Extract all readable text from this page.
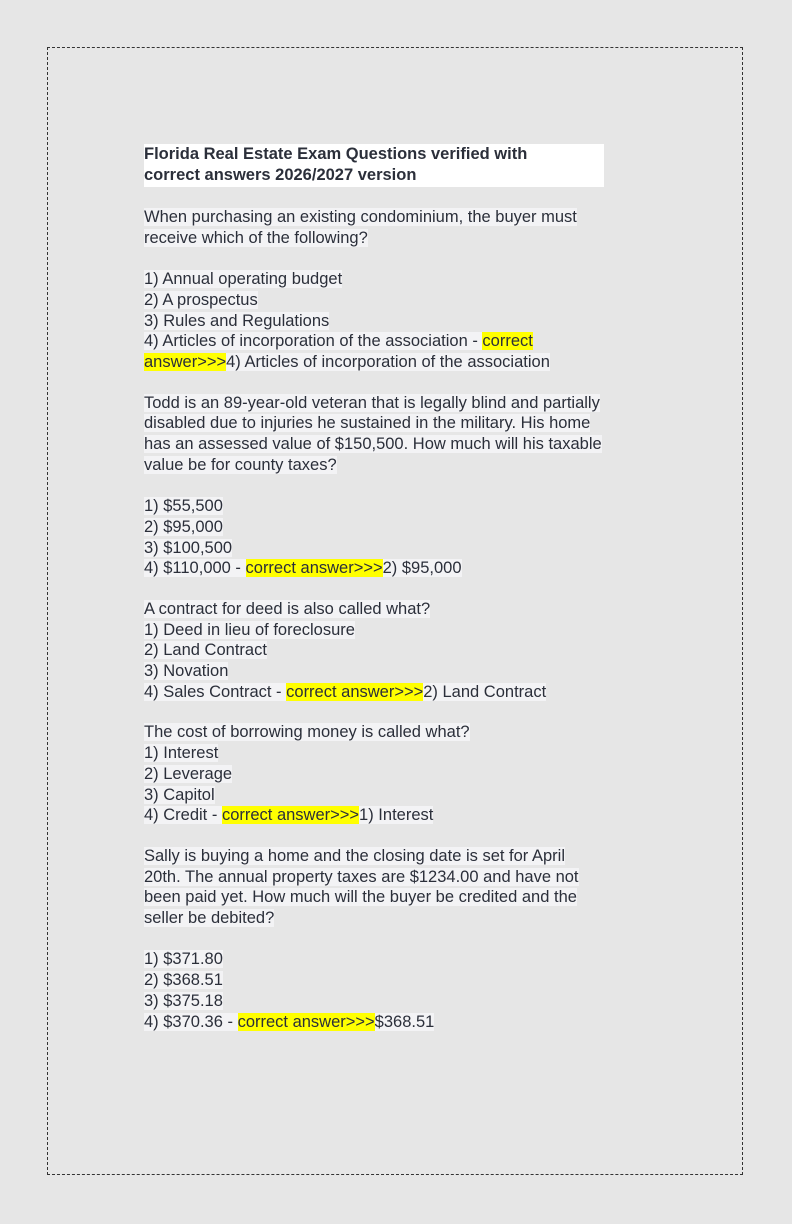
Florida Real Estate Exam Questions verified with
correct answers 2026/2027 version
When purchasing an existing condominium, the buyer must
receive which of the following?
1) Annual operating budget
2) A prospectus
3) Rules and Regulations
4) Articles of incorporation of the association - correct
answer>>>4) Articles of incorporation of the association
Todd is an 89-year-old veteran that is legally blind and partially
disabled due to injuries he sustained in the military. His home
has an assessed value of $150,500. How much will his taxable
value be for county taxes?
1) $55,500
2) $95,000
3) $100,500
4) $110,000 - correct answer>>>2) $95,000
A contract for deed is also called what?
1) Deed in lieu of foreclosure
2) Land Contract
3) Novation
4) Sales Contract - correct answer>>>2) Land Contract
The cost of borrowing money is called what?
1) Interest
2) Leverage
3) Capitol
4) Credit - correct answer>>>1) Interest
Sally is buying a home and the closing date is set for April
20th. The annual property taxes are $1234.00 and have not
been paid yet. How much will the buyer be credited and the
seller be debited?
1) $371.80
2) $368.51
3) $375.18
4) $370.36 - correct answer>>>$368.51
